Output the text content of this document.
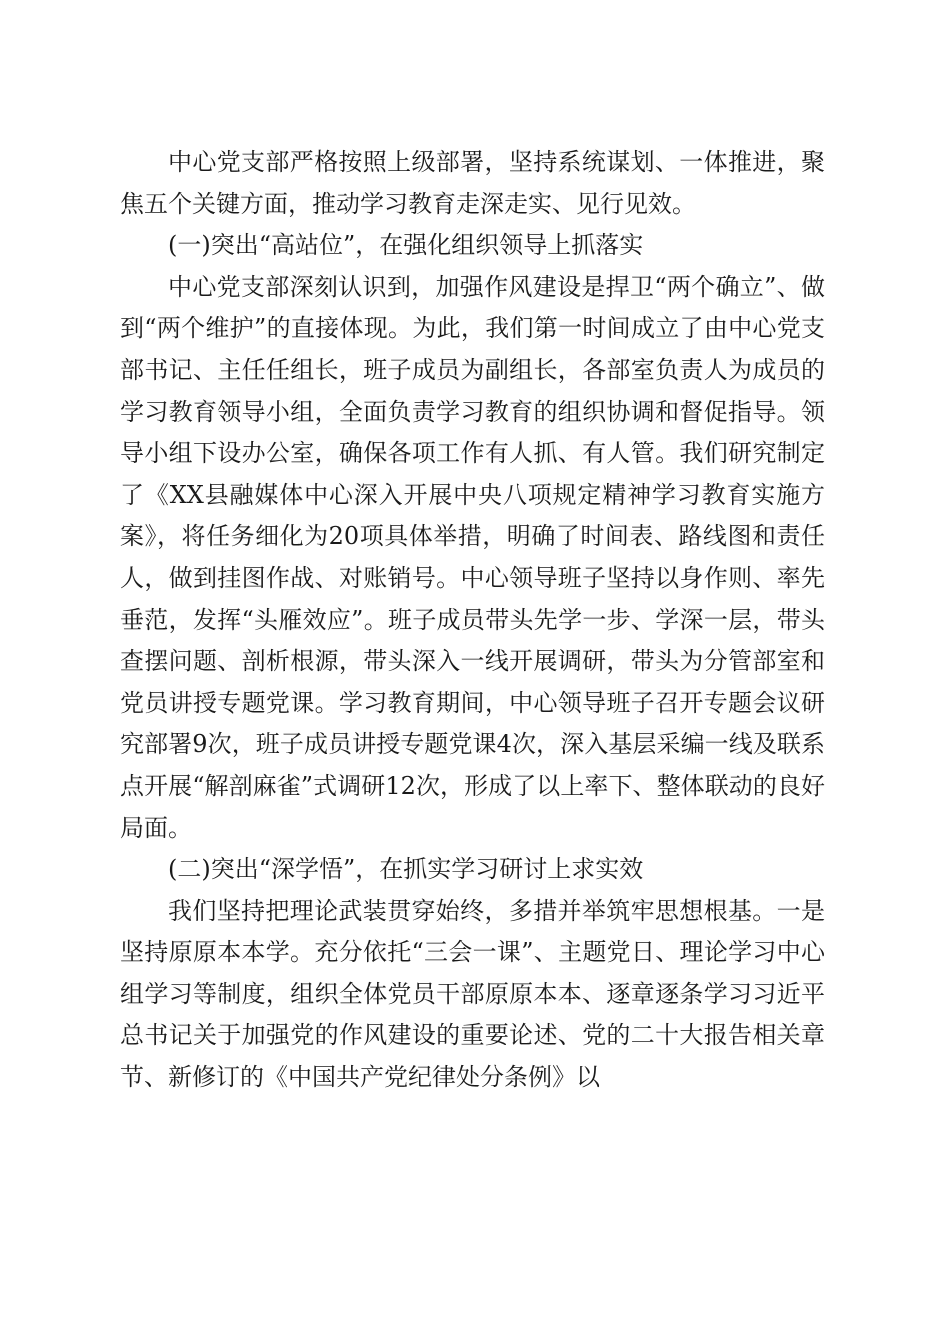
中心党支部严格按照上级部署，坚持系统谋划、一体推进，聚焦五个关键方面，推动学习教育走深走实、见行见效。

(一)突出“高站位”，在强化组织领导上抓落实

中心党支部深刻认识到，加强作风建设是捍卫“两个确立”、做到“两个维护”的直接体现。为此，我们第一时间成立了由中心党支部书记、主任任组长，班子成员为副组长，各部室负责人为成员的学习教育领导小组，全面负责学习教育的组织协调和督促指导。领导小组下设办公室，确保各项工作有人抓、有人管。我们研究制定了《XX县融媒体中心深入开展中央八项规定精神学习教育实施方案》，将任务细化为20项具体举措，明确了时间表、路线图和责任人，做到挂图作战、对账销号。中心领导班子坚持以身作则、率先垂范，发挥“头雁效应”。班子成员带头先学一步、学深一层，带头查摆问题、剖析根源，带头深入一线开展调研，带头为分管部室和党员讲授专题党课。学习教育期间，中心领导班子召开专题会议研究部署9次，班子成员讲授专题党课4次，深入基层采编一线及联系点开展“解剖麻雀”式调研12次，形成了以上率下、整体联动的良好局面。

(二)突出“深学悟”，在抓实学习研讨上求实效

我们坚持把理论武装贯穿始终，多措并举筑牢思想根基。一是坚持原原本本学。充分依托“三会一课”、主题党日、理论学习中心组学习等制度，组织全体党员干部原原本本、逐章逐条学习习近平总书记关于加强党的作风建设的重要论述、党的二十大报告相关章节、新修订的《中国共产党纪律处分条例》以
